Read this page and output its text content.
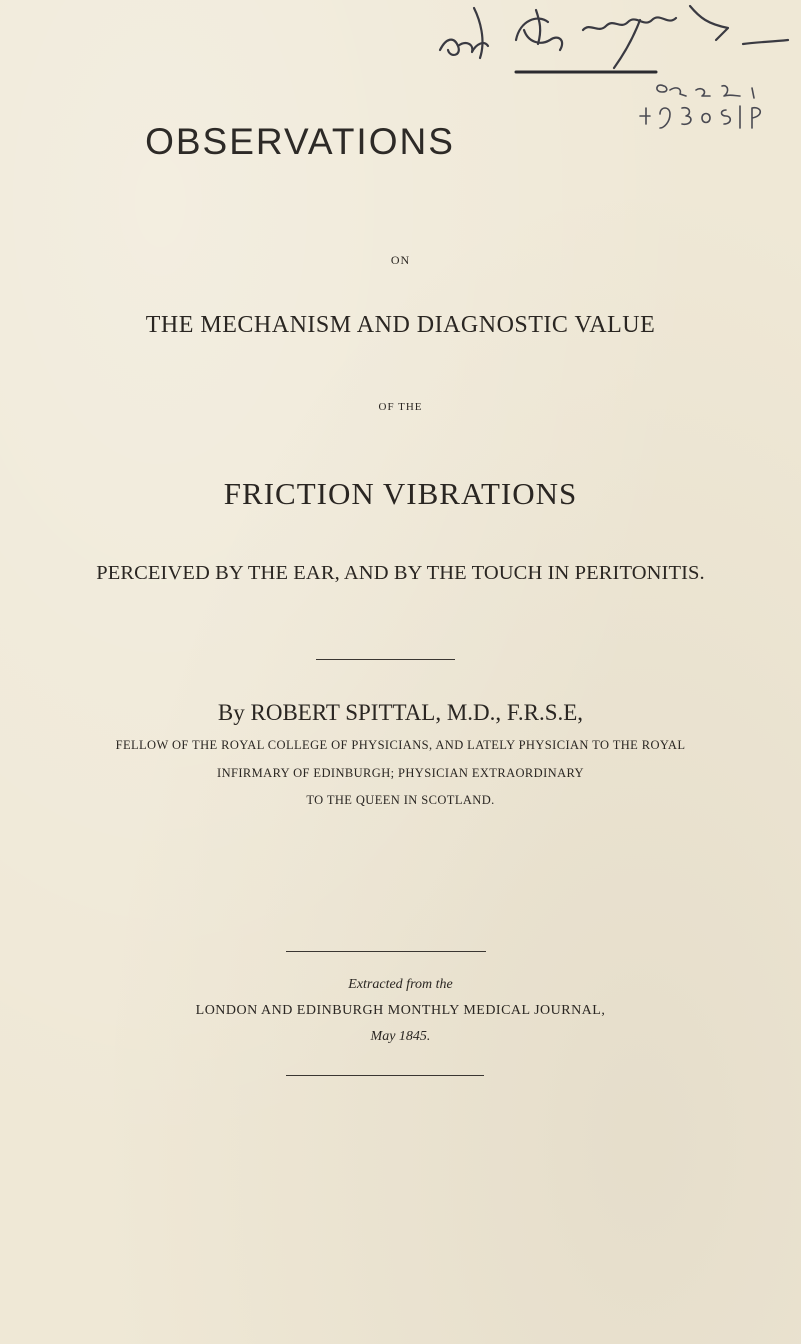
OBSERVATIONS
ON
THE MECHANISM AND DIAGNOSTIC VALUE
OF THE
FRICTION VIBRATIONS
PERCEIVED BY THE EAR, AND BY THE TOUCH IN PERITONITIS.
By ROBERT SPITTAL, M.D., F.R.S.E,
FELLOW OF THE ROYAL COLLEGE OF PHYSICIANS, AND LATELY PHYSICIAN TO THE ROYAL
INFIRMARY OF EDINBURGH; PHYSICIAN EXTRAORDINARY
TO THE QUEEN IN SCOTLAND.
Extracted from the
LONDON AND EDINBURGH MONTHLY MEDICAL JOURNAL,
May 1845.
